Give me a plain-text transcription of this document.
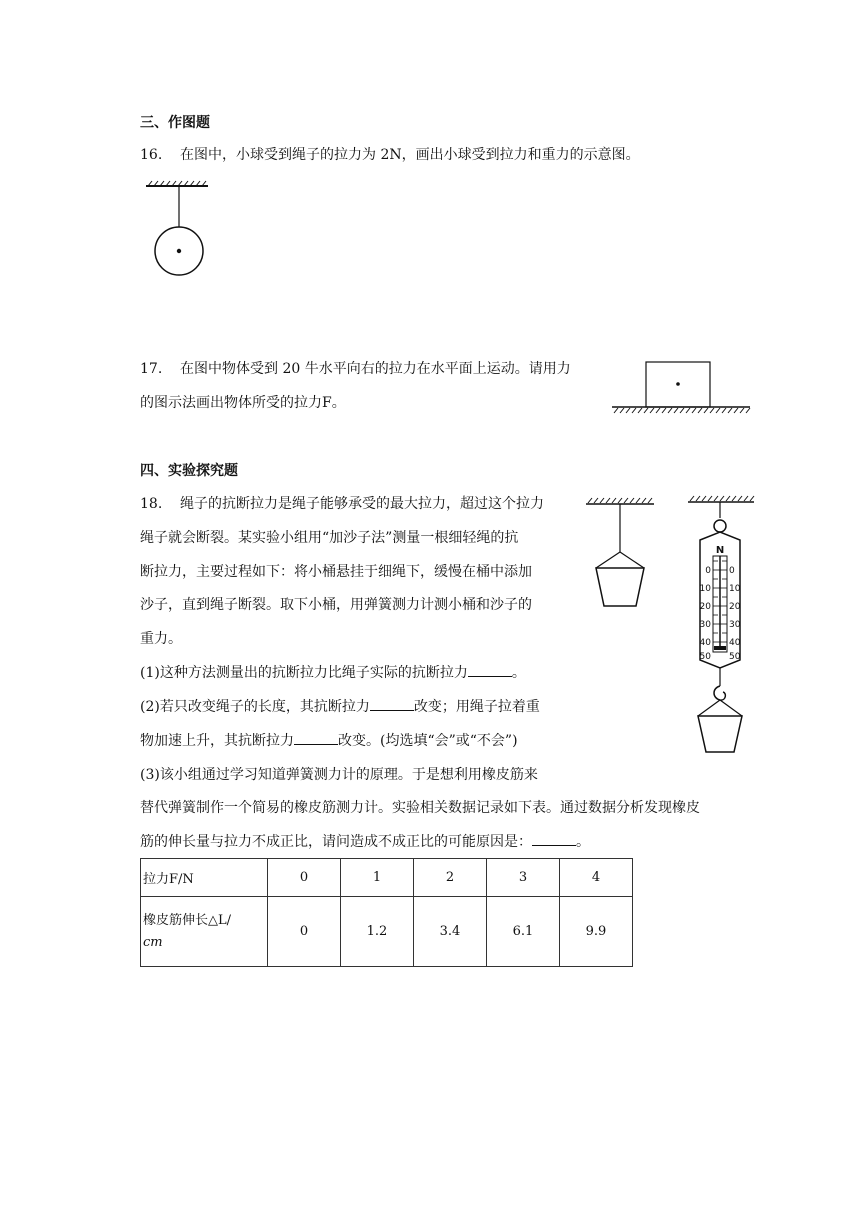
三、作图题
16. 在图中，小球受到绳子的拉力为 2N，画出小球受到拉力和重力的示意图。
17. 在图中物体受到 20 牛水平向右的拉力在水平面上运动。请用力
的图示法画出物体所受的拉力F。
四、实验探究题
18. 绳子的抗断拉力是绳子能够承受的最大拉力，超过这个拉力
绳子就会断裂。某实验小组用“加沙子法”测量一根细轻绳的抗
断拉力，主要过程如下：将小桶悬挂于细绳下，缓慢在桶中添加
沙子，直到绳子断裂。取下小桶，用弹簧测力计测小桶和沙子的
重力。
(1)这种方法测量出的抗断拉力比绳子实际的抗断拉力	。
(2)若只改变绳子的长度，其抗断拉力	改变；用绳子拉着重
物加速上升，其抗断拉力	改变。(均选填“会”或“不会”)
(3)该小组通过学习知道弹簧测力计的原理。于是想利用橡皮筋来
替代弹簧制作一个简易的橡皮筋测力计。实验相关数据记录如下表。通过数据分析发现橡皮
筋的伸长量与拉力不成正比，请问造成不成正比的可能原因是：	。
拉力F/N	0	1	2	3	4
橡皮筋伸长△L/
cm	0	1.2	3.4	6.1	9.9
N
0
10
20
30
40
50
0
10
20
30
40
50
